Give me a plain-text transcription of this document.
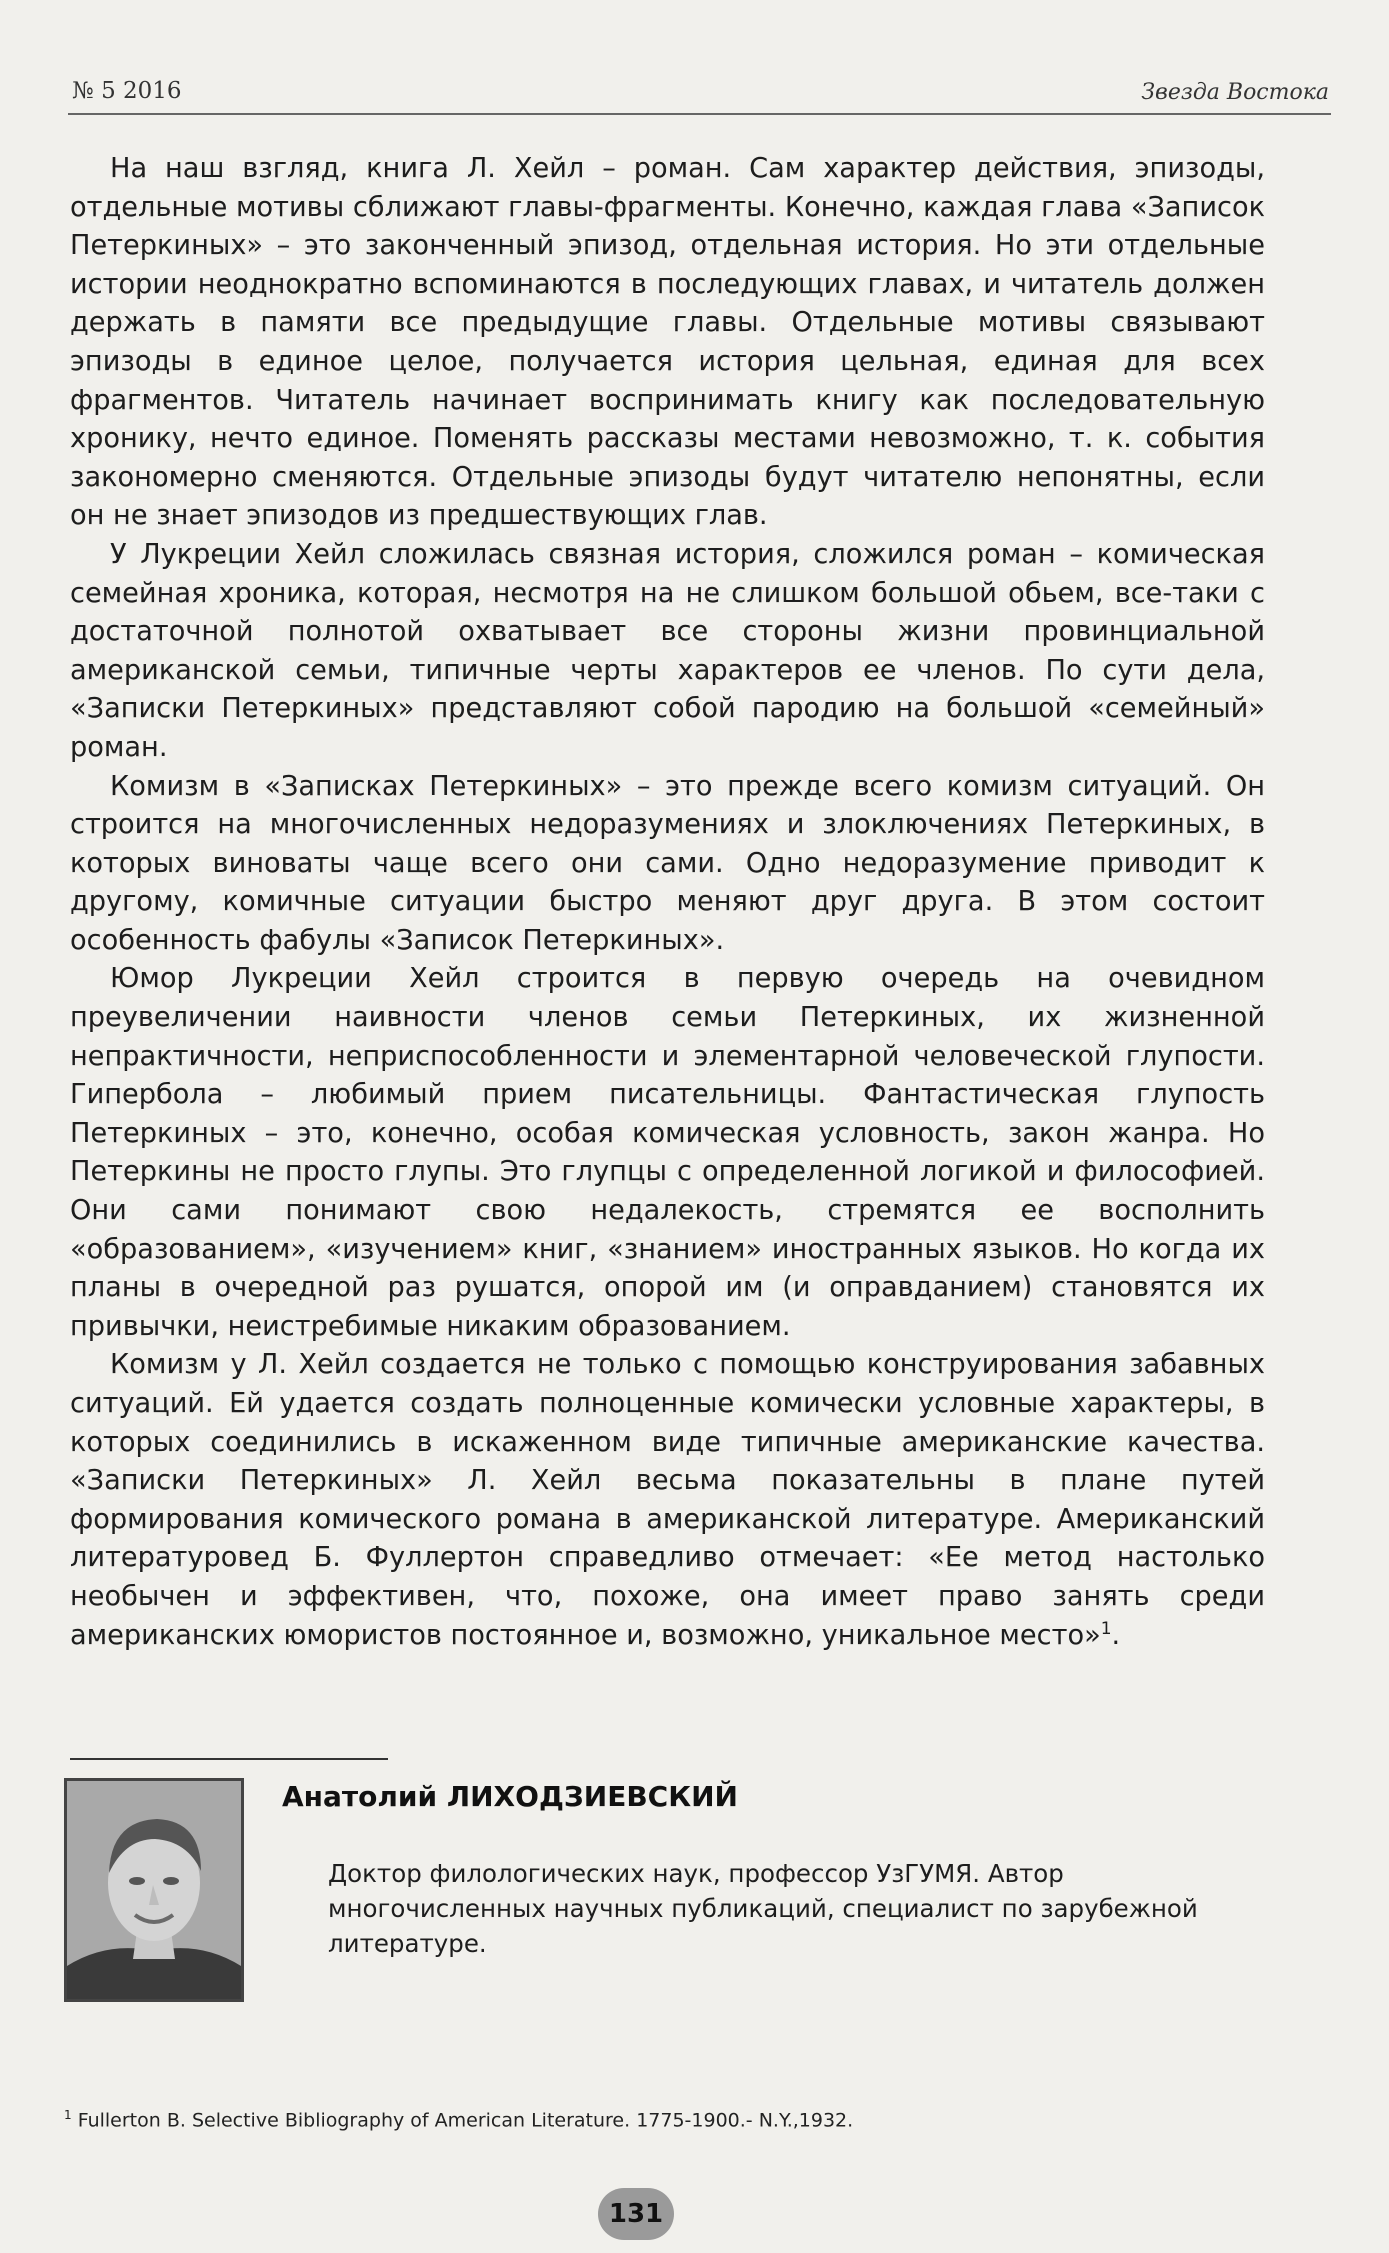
№ 5 2016	Звезда Востока

На наш взгляд, книга Л. Хейл – роман. Сам характер действия, эпизоды, отдельные мотивы сближают главы-фрагменты. Конечно, каждая глава «Записок Петеркиных» – это законченный эпизод, отдельная история. Но эти отдельные истории неоднократно вспоминаются в последующих главах, и читатель должен держать в памяти все предыдущие главы. Отдельные мотивы связывают эпизоды в единое целое, получается история цельная, единая для всех фрагментов. Читатель начинает воспринимать книгу как последовательную хронику, нечто единое. Поменять рассказы местами невозможно, т. к. события закономерно сменяются. Отдельные эпизоды будут читателю непонятны, если он не знает эпизодов из предшествующих глав.

У Лукреции Хейл сложилась связная история, сложился роман – комическая семейная хроника, которая, несмотря на не слишком большой обьем, все-таки с достаточной полнотой охватывает все стороны жизни провинциальной американской семьи, типичные черты характеров ее членов. По сути дела, «Записки Петеркиных» представляют собой пародию на большой «семейный» роман.

Комизм в «Записках Петеркиных» – это прежде всего комизм ситуаций. Он строится на многочисленных недоразумениях и злоключениях Петеркиных, в которых виноваты чаще всего они сами. Одно недоразумение приводит к другому, комичные ситуации быстро меняют друг друга. В этом состоит особенность фабулы «Записок Петеркиных».

Юмор Лукреции Хейл строится в первую очередь на очевидном преувеличении наивности членов семьи Петеркиных, их жизненной непрактичности, неприспособленности и элементарной человеческой глупости. Гипербола – любимый прием писательницы. Фантастическая глупость Петеркиных – это, конечно, особая комическая условность, закон жанра. Но Петеркины не просто глупы. Это глупцы с определенной логикой и философией. Они сами понимают свою недалекость, стремятся ее восполнить «образованием», «изучением» книг, «знанием» иностранных языков. Но когда их планы в очередной раз рушатся, опорой им (и оправданием) становятся их привычки, неистребимые никаким образованием.

Комизм у Л. Хейл создается не только с помощью конструирования забавных ситуаций. Ей удается создать полноценные комически условные характеры, в которых соединились в искаженном виде типичные американские качества. «Записки Петеркиных» Л. Хейл весьма показательны в плане путей формирования комического романа в американской литературе. Американский литературовед Б. Фуллертон справедливо отмечает: «Ее метод настолько необычен и эффективен, что, похоже, она имеет право занять среди американских юмористов постоянное и, возможно, уникальное место»$^1$.

Анатолий ЛИХОДЗИЕВСКИЙ
Доктор филологических наук, профессор УзГУМЯ. Автор многочисленных научных публикаций, специалист по зарубежной литературе.
$^1$ Fullerton B. Selective Bibliography of American Literature. 1775-1900.- N.Y.,1932.
131
